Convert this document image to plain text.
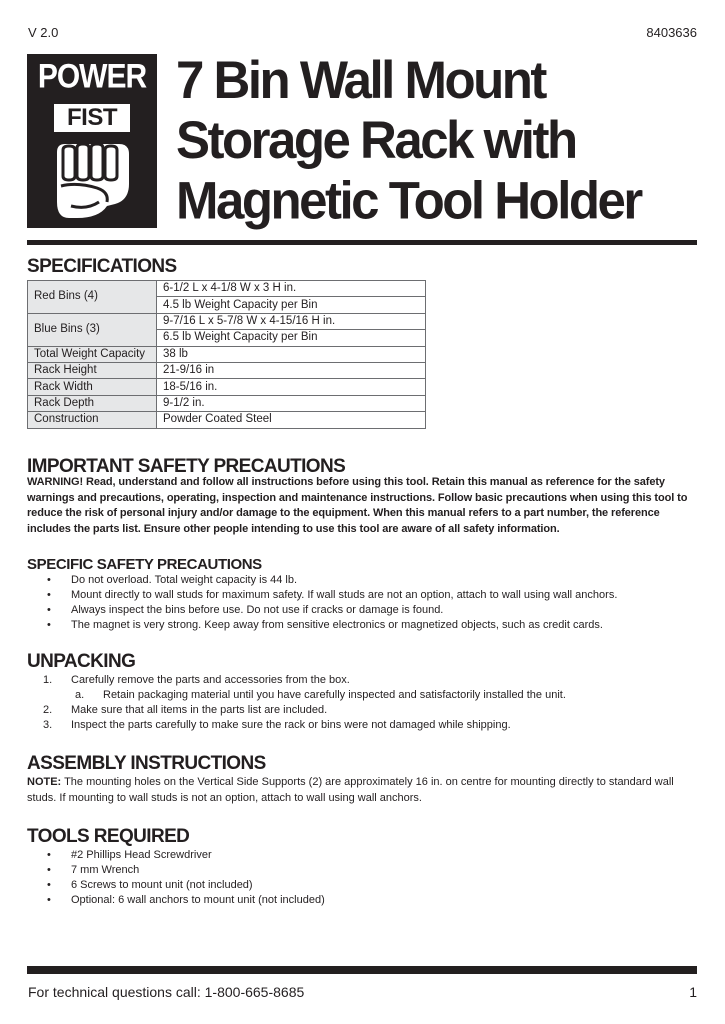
V 2.0	8403636
POWER
FIST
7 Bin Wall Mount
Storage Rack with
Magnetic Tool Holder
SPECIFICATIONS
Red Bins (4)	6-1/2 L x 4-1/8 W x 3 H in.
	4.5 lb Weight Capacity per Bin
Blue Bins (3)	9-7/16 L x 5-7/8 W x 4-15/16 H in.
	6.5 lb Weight Capacity per Bin
Total Weight Capacity	38 lb
Rack Height	21-9/16 in
Rack Width	18-5/16 in.
Rack Depth	9-1/2 in.
Construction	Powder Coated Steel
IMPORTANT SAFETY PRECAUTIONS
WARNING! Read, understand and follow all instructions before using this tool. Retain this manual as reference for the safety warnings and precautions, operating, inspection and maintenance instructions. Follow basic precautions when using this tool to reduce the risk of personal injury and/or damage to the equipment. When this manual refers to a part number, the reference includes the parts list. Ensure other people intending to use this tool are aware of all safety information.
SPECIFIC SAFETY PRECAUTIONS
• Do not overload. Total weight capacity is 44 lb.
• Mount directly to wall studs for maximum safety. If wall studs are not an option, attach to wall using wall anchors.
• Always inspect the bins before use. Do not use if cracks or damage is found.
• The magnet is very strong. Keep away from sensitive electronics or magnetized objects, such as credit cards.
UNPACKING
1. Carefully remove the parts and accessories from the box.
a. Retain packaging material until you have carefully inspected and satisfactorily installed the unit.
2. Make sure that all items in the parts list are included.
3. Inspect the parts carefully to make sure the rack or bins were not damaged while shipping.
ASSEMBLY INSTRUCTIONS
NOTE: The mounting holes on the Vertical Side Supports (2) are approximately 16 in. on centre for mounting directly to standard wall studs. If mounting to wall studs is not an option, attach to wall using wall anchors.
TOOLS REQUIRED
• #2 Phillips Head Screwdriver
• 7 mm Wrench
• 6 Screws to mount unit (not included)
• Optional: 6 wall anchors to mount unit (not included)
For technical questions call: 1-800-665-8685	1
